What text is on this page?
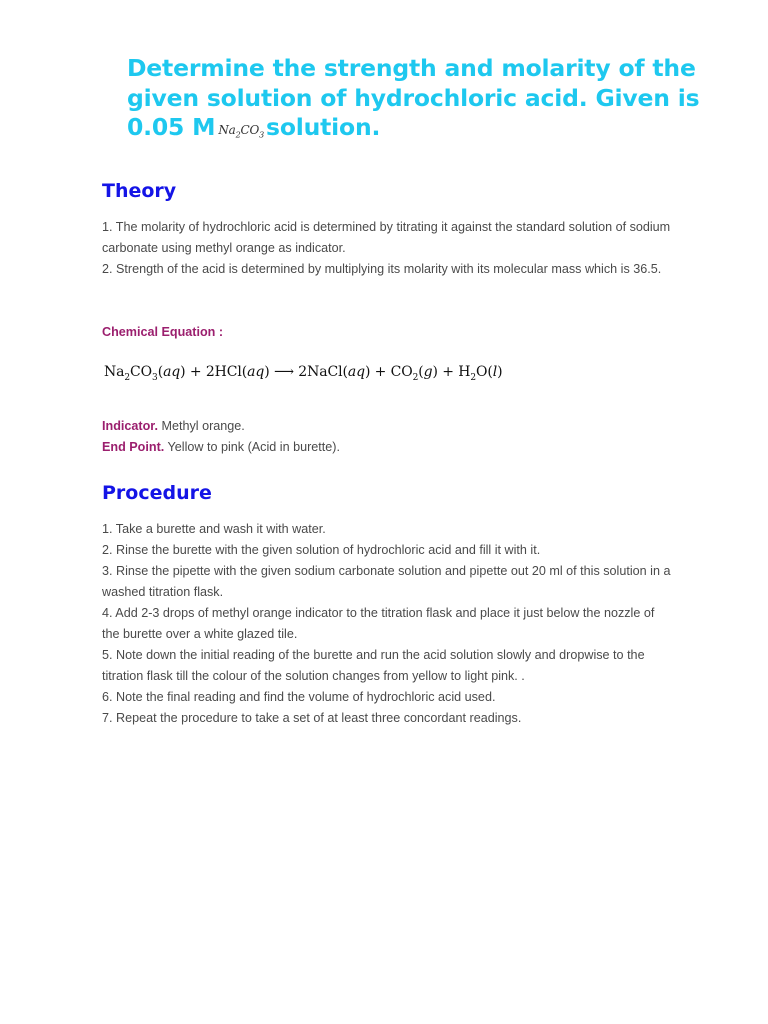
Determine the strength and molarity of the given solution of hydrochloric acid. Given is 0.05 M $Na_2CO_3solution$.
Theory

1. The molarity of hydrochloric acid is determined by titrating it against the standard solution of sodium carbonate using methyl orange as indicator.

2. Strength of the acid is determined by multiplying its molarity with its molecular mass which is 36.5.

Chemical Equation :
$Na_2CO_3(aq) + 2HCl(aq)$ ⟶ 2NaCl(aq) + $CO_2(g) + H_2O(l)$

Indicator. Methyl orange.

End Point. Yellow to pink (Acid in burette).

Procedure
1. Take a burette and wash it with water.
2. Rinse the burette with the given solution of hydrochloric acid and fill it with it.
3. Rinse the pipette with the given sodium carbonate solution and pipette out 20 ml of this solution in a washed titration flask.
4. Add 2-3 drops of methyl orange indicator to the titration flask and place it just below the nozzle of the burette over a white glazed tile.
5. Note down the initial reading of the burette and run the acid solution slowly and dropwise to the titration flask till the colour of the solution changes from yellow to light pink. .
6. Note the final reading and find the volume of hydrochloric acid used.
7. Repeat the procedure to take a set of at least three concordant readings.
